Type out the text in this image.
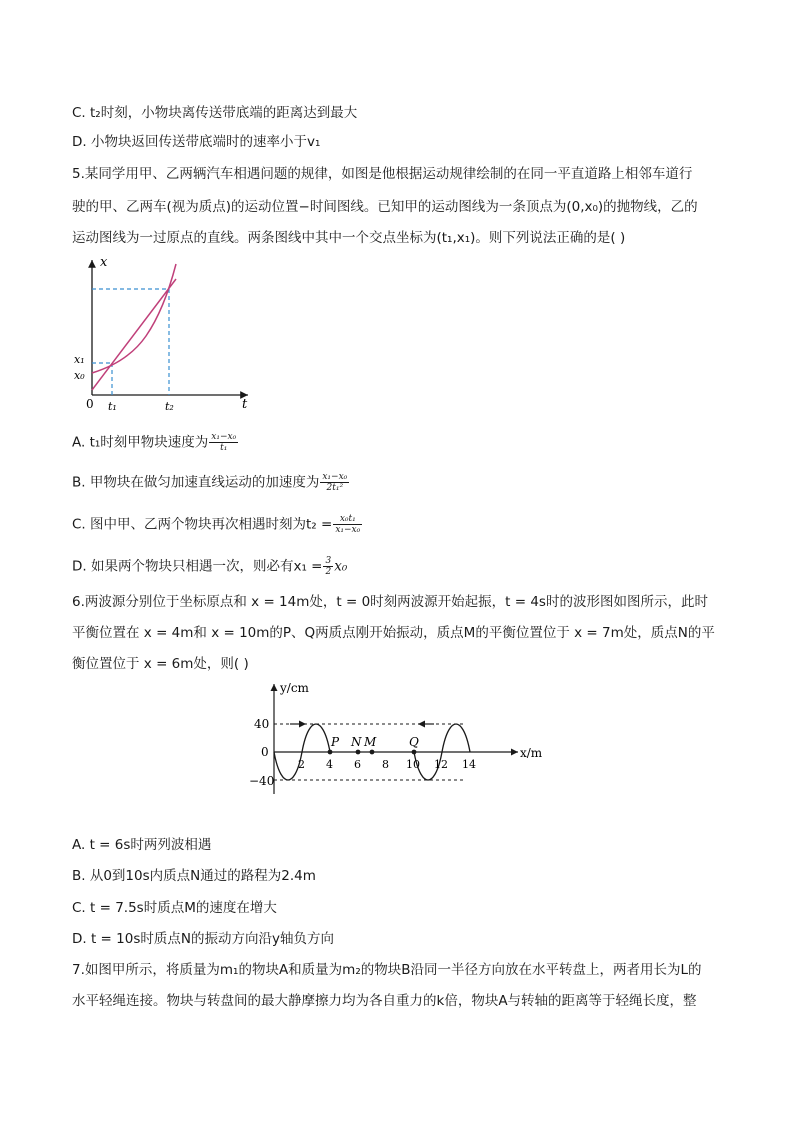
C. t₂时刻，小物块离传送带底端的距离达到最大
D. 小物块返回传送带底端时的速率小于v₁
5.某同学用甲、乙两辆汽车相遇问题的规律，如图是他根据运动规律绘制的在同一平直道路上相邻车道行
驶的甲、乙两车(视为质点)的运动位置−时间图线。已知甲的运动图线为一条顶点为(0,x₀)的抛物线，乙的
运动图线为一过原点的直线。两条图线中其中一个交点坐标为(t₁,x₁)。则下列说法正确的是( )
x
t
0 t₁	t₂
x₁
x₀
A. t₁时刻甲物块速度为 $\frac{\text{x₁−x₀}}{\text{t₁}}$
B. 甲物块在做匀加速直线运动的加速度为 $\frac{\text{x₁−x₀}}{\text{2t₁²}}$
C. 图中甲、乙两个物块再次相遇时刻为$t_2 = \frac{\text{x₀t₁}}{\text{x₁−x₀}}$
D. 如果两个物块只相遇一次，则必有$x_1 = \frac{3}{2} x_0$
6.两波源分别位于坐标原点和 x = 14m处，t = 0时刻两波源开始起振，t = 4s时的波形图如图所示，此时
平衡位置在 x = 4m和 x = 10m的P、Q两质点刚开始振动，质点M的平衡位置位于 x = 7m处，质点N的平
衡位置位于 x = 6m处，则( )
y/cm
x/m
40
0
−40
2 4 6 8 10 12 14
P N M	Q
A. t = 6s时两列波相遇
B. 从0到10s内质点N通过的路程为2.4m
C. t = 7.5s时质点M的速度在增大
D. t = 10s时质点N的振动方向沿y轴负方向
7.如图甲所示，将质量为m₁的物块A和质量为m₂的物块B沿同一半径方向放在水平转盘上，两者用长为L的
水平轻绳连接。物块与转盘间的最大静摩擦力均为各自重力的k倍，物块A与转轴的距离等于轻绳长度，整
